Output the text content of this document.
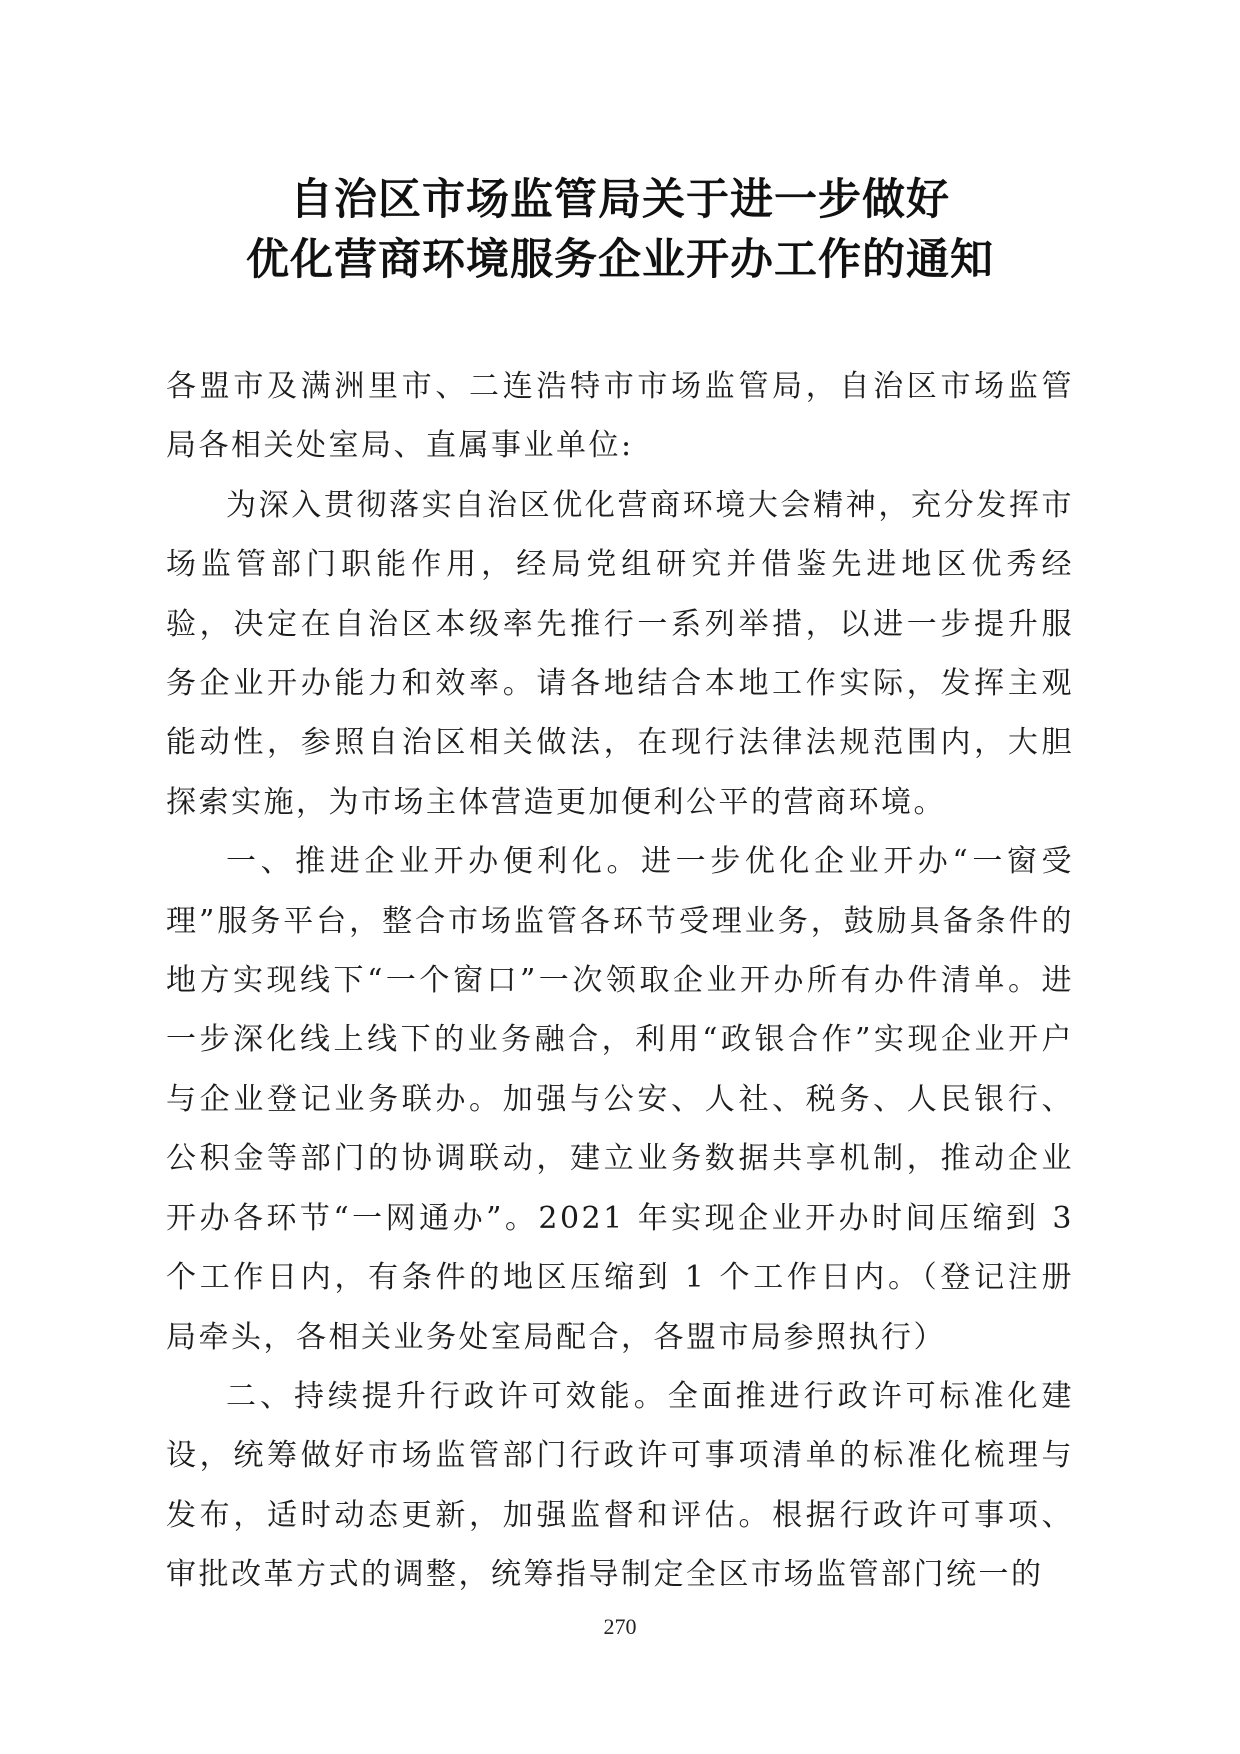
自治区市场监管局关于进一步做好
优化营商环境服务企业开办工作的通知

各盟市及满洲里市、二连浩特市市场监管局，自治区市场监管局各相关处室局、直属事业单位:

为深入贯彻落实自治区优化营商环境大会精神，充分发挥市场监管部门职能作用，经局党组研究并借鉴先进地区优秀经验，决定在自治区本级率先推行一系列举措，以进一步提升服务企业开办能力和效率。请各地结合本地工作实际，发挥主观能动性，参照自治区相关做法，在现行法律法规范围内，大胆探索实施，为市场主体营造更加便利公平的营商环境。

一、推进企业开办便利化。进一步优化企业开办“一窗受理”服务平台，整合市场监管各环节受理业务，鼓励具备条件的地方实现线下“一个窗口”一次领取企业开办所有办件清单。进一步深化线上线下的业务融合，利用“政银合作”实现企业开户与企业登记业务联办。加强与公安、人社、税务、人民银行、公积金等部门的协调联动，建立业务数据共享机制，推动企业开办各环节“一网通办”。2021 年实现企业开办时间压缩到 3 个工作日内，有条件的地区压缩到 1 个工作日内。（登记注册局牵头，各相关业务处室局配合，各盟市局参照执行）

二、持续提升行政许可效能。全面推进行政许可标准化建设，统筹做好市场监管部门行政许可事项清单的标准化梳理与发布，适时动态更新，加强监督和评估。根据行政许可事项、审批改革方式的调整，统筹指导制定全区市场监管部门统一的

270
